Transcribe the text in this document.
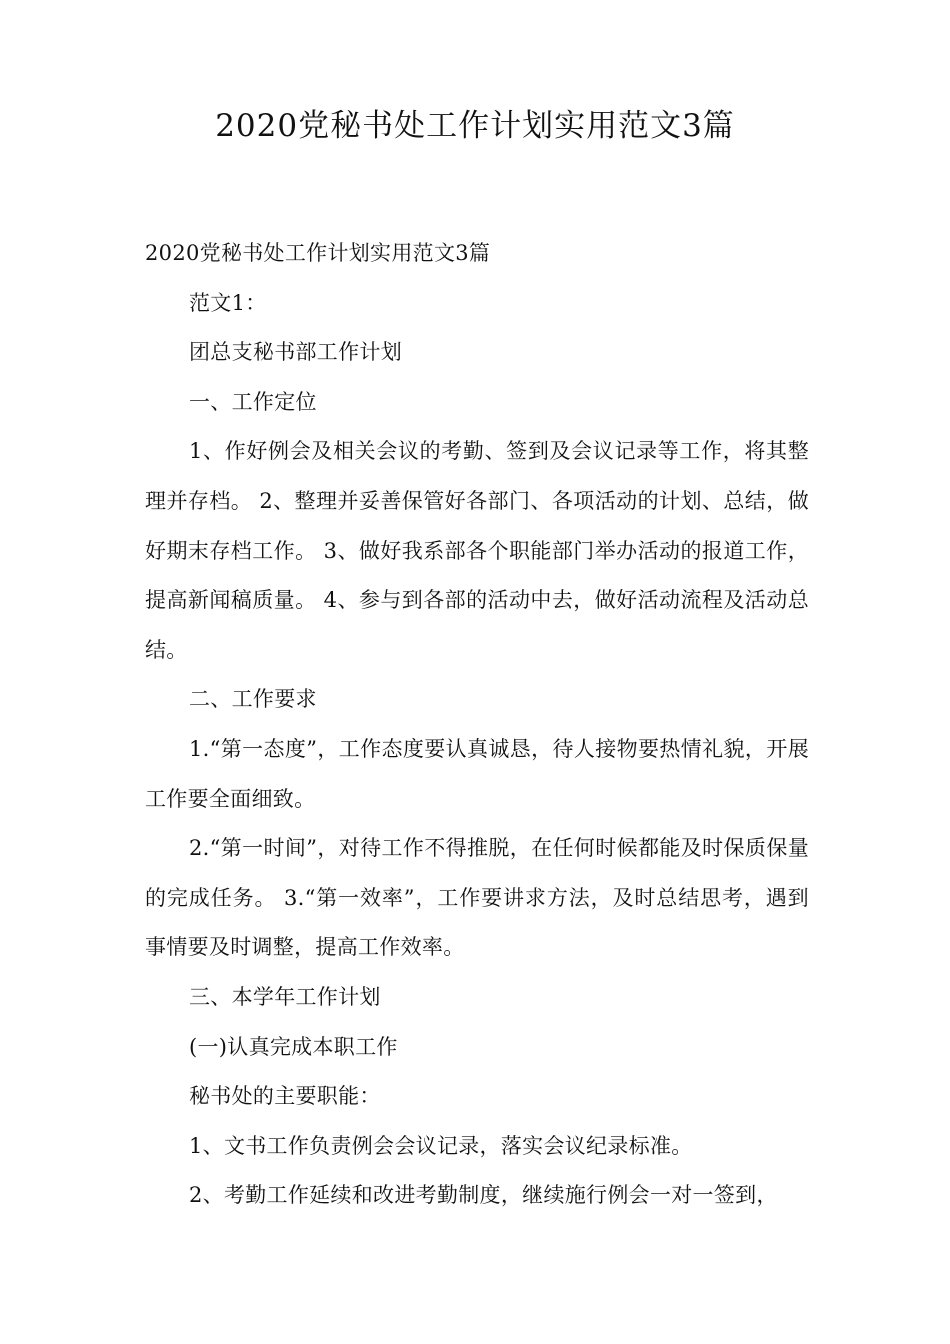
2020党秘书处工作计划实用范文3篇

2020党秘书处工作计划实用范文3篇

范文1：

团总支秘书部工作计划

一、工作定位

1、作好例会及相关会议的考勤、签到及会议记录等工作，将其整理并存档。 2、整理并妥善保管好各部门、各项活动的计划、总结，做好期末存档工作。 3、做好我系部各个职能部门举办活动的报道工作，提高新闻稿质量。 4、参与到各部的活动中去，做好活动流程及活动总结。

二、工作要求

1.“第一态度”，工作态度要认真诚恳，待人接物要热情礼貌，开展工作要全面细致。

2.“第一时间”，对待工作不得推脱，在任何时候都能及时保质保量的完成任务。 3.“第一效率”，工作要讲求方法，及时总结思考，遇到事情要及时调整，提高工作效率。

三、本学年工作计划

(一)认真完成本职工作

秘书处的主要职能：

1、文书工作负责例会会议记录，落实会议纪录标准。

2、考勤工作延续和改进考勤制度，继续施行例会一对一签到，
